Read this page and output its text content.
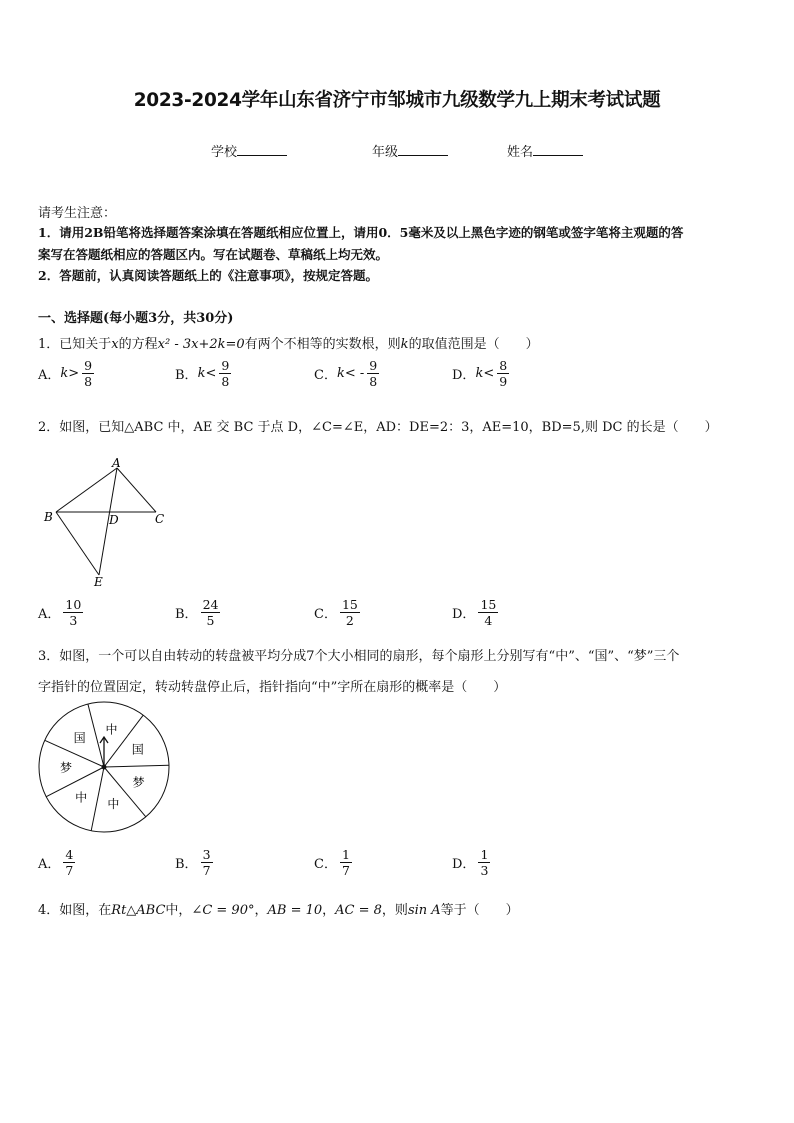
2023-2024学年山东省济宁市邹城市九级数学九上期末考试试题
学校	年级	姓名
请考生注意：
1．请用2B铅笔将选择题答案涂填在答题纸相应位置上，请用0．5毫米及以上黑色字迹的钢笔或签字笔将主观题的答
案写在答题纸相应的答题区内。写在试题卷、草稿纸上均无效。
2．答题前，认真阅读答题纸上的《注意事项》，按规定答题。
一、选择题(每小题3分，共30分)
1．已知关于x的方程x² - 3x+2k=0有两个不相等的实数根，则k的取值范围是（　　）
A． $k> \frac{9}{8}$	B． $k< \frac{9}{8}$	C． $k< - \frac{9}{8}$	D． $k< \frac{8}{9}$
2．如图，已知△ABC 中，AE 交 BC 于点 D，∠C=∠E，AD：DE=2：3，AE=10，BD=5,则 DC 的长是（　　）
A
B	C
D
E
A． $\frac{10}{3}$	B． $\frac{24}{5}$	C． $\frac{15}{2}$	D． $\frac{15}{4}$
3．如图，一个可以自由转动的转盘被平均分成7个大小相同的扇形，每个扇形上分别写有“中”、“国”、“梦”三个
字指针的位置固定，转动转盘停止后，指针指向“中”字所在扇形的概率是（　　）
中
国
梦
中
中
梦
国
A． $\frac{4}{7}$	B． $\frac{3}{7}$	C． $\frac{1}{7}$	D． $\frac{1}{3}$
4．如图，在Rt△ABC中，∠C = 90°，AB = 10，AC = 8，则sin A等于（　　）
